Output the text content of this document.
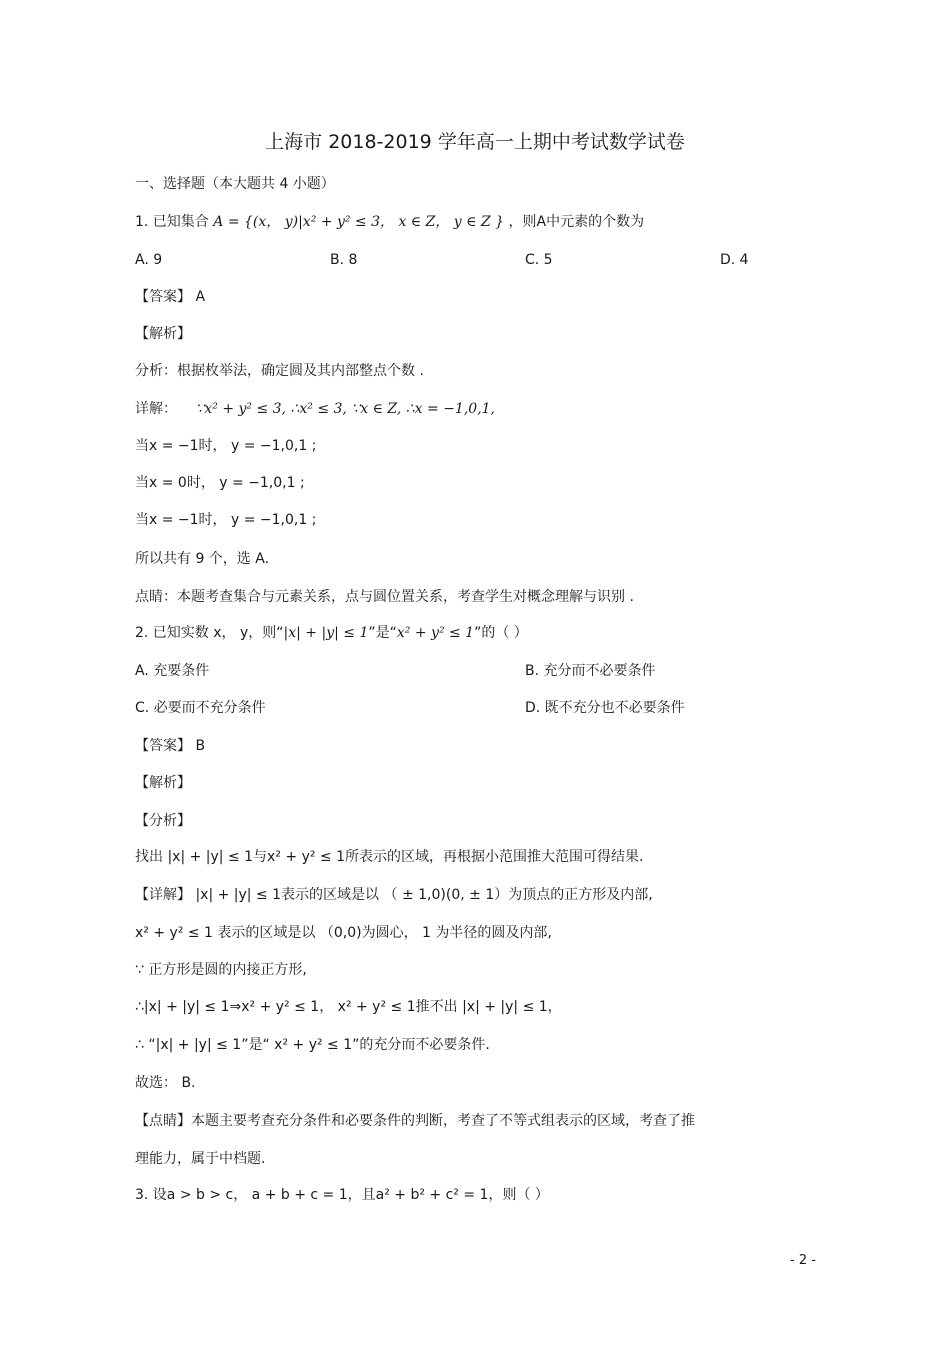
上海市 2018-2019 学年高一上期中考试数学试卷
一、选择题（本大题共 4 小题）
1. 已知集合 A = {(x， y)|x² + y² ≤ 3， x ∈ Z， y ∈ Z } ，则A中元素的个数为
A. 9	B. 8	C. 5	D. 4
【答案】 A
【解析】
分析：根据枚举法，确定圆及其内部整点个数 .
详解： ∵x² + y² ≤ 3, ∴x² ≤ 3, ∵x ∈ Z, ∴x = −1,0,1,
当x = −1时， y = −1,0,1 ;
当x = 0时， y = −1,0,1 ;
当x = −1时， y = −1,0,1 ;
所以共有 9 个，选 A.
点睛：本题考查集合与元素关系，点与圆位置关系，考查学生对概念理解与识别 .
2. 已知实数 x， y，则“|x| + |y| ≤ 1”是“x² + y² ≤ 1”的（ ）
A. 充要条件	B. 充分而不必要条件
C. 必要而不充分条件	D. 既不充分也不必要条件
【答案】 B
【解析】
【分析】
找出 |x| + |y| ≤ 1与x² + y² ≤ 1所表示的区域，再根据小范围推大范围可得结果.
【详解】 |x| + |y| ≤ 1表示的区域是以 （ ± 1,0)(0, ± 1）为顶点的正方形及内部,
x² + y² ≤ 1 表示的区域是以 （0,0)为圆心， 1 为半径的圆及内部,
∵ 正方形是圆的内接正方形,
∴|x| + |y| ≤ 1⇒x² + y² ≤ 1， x² + y² ≤ 1推不出 |x| + |y| ≤ 1，
∴ “|x| + |y| ≤ 1”是“ x² + y² ≤ 1”的充分而不必要条件.
故选： B.
【点睛】本题主要考查充分条件和必要条件的判断，考查了不等式组表示的区域，考查了推
理能力，属于中档题.
3. 设a > b > c， a + b + c = 1，且a² + b² + c² = 1，则（ ）
- 2 -
